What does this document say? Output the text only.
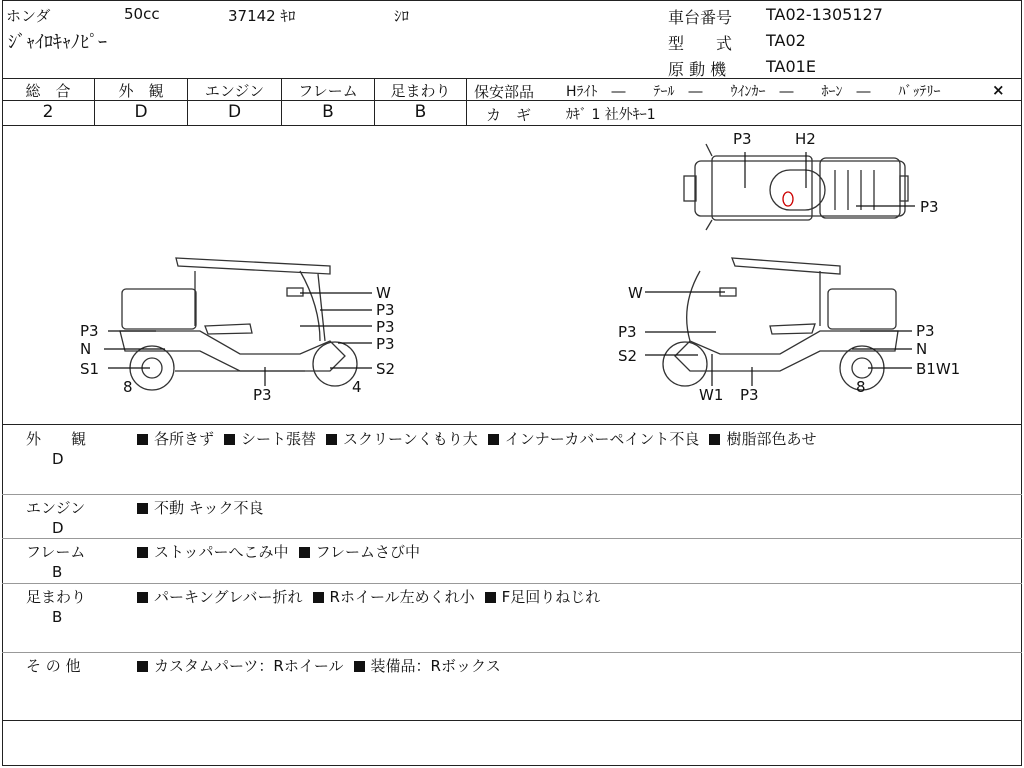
ホンダ	50cc	37142 ｷﾛ	ｼﾛ
ｼﾞｬｲﾛｷｬﾉﾋﾟｰ
車台番号 TA02-1305127
型　　式 TA02
原 動 機 TA01E
総　合	外　観	エンジン	フレーム	足まわり
2	D	D	B	B
保安部品 Hﾗｲﾄ　―　　ﾃｰﾙ　―　　ｳｲﾝｶｰ　―　　ﾎｰﾝ　―　　ﾊﾞｯﾃﾘｰ	×
カ　ギ ｶｷﾞ 1 社外ｷｰ1
P3	H2
P3
W
P3
P3
P3
S2
P3
N
S1
8	P3	4
W
P3
S2
W1 P3
P3
N
B1W1
8
外　　観
D
各所きず シート張替 スクリーンくもり大 インナーカバーペイント不良 樹脂部色あせ
エンジン
D
不動 キック不良
フレーム
B
ストッパーへこみ中 フレームさび中
足まわり
B
パーキングレバー折れ Rホイール左めくれ小 F足回りねじれ
そ の 他	カスタムパーツ：Rホイール 装備品：Rボックス
